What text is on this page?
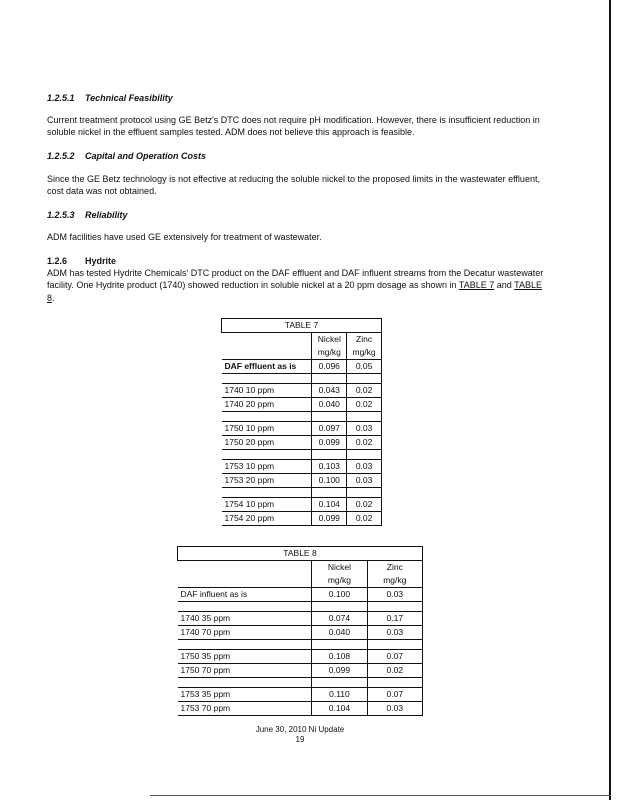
1.2.5.1 Technical Feasibility

Current treatment protocol using GE Betz's DTC does not require pH modification. However, there is insufficient reduction in soluble nickel in the effluent samples tested. ADM does not believe this approach is feasible.

1.2.5.2 Capital and Operation Costs

Since the GE Betz technology is not effective at reducing the soluble nickel to the proposed limits in the wastewater effluent, cost data was not obtained.

1.2.5.3 Reliability

ADM facilities have used GE extensively for treatment of wastewater.

1.2.6 Hydrite

ADM has tested Hydrite Chemicals' DTC product on the DAF effluent and DAF influent streams from the Decatur wastewater facility. One Hydrite product (1740) showed reduction in soluble nickel at a 20 ppm dosage as shown in TABLE 7 and TABLE 8.

TABLE 7		
	Nickel	Zinc
	mg/kg	mg/kg
DAF effluent as is	0.096	0.05

1740 10 ppm	0.043	0.02
1740 20 ppm	0.040	0.02

1750 10 ppm	0.097	0.03
1750 20 ppm	0.099	0.02

1753 10 ppm	0.103	0.03
1753 20 ppm	0.100	0.03

1754 10 ppm	0.104	0.02
1754 20 ppm	0.099	0.02
TABLE 8		
	Nickel	Zinc
	mg/kg	mg/kg
DAF influent as is	0.100	0.03

1740 35 ppm	0.074	0.17
1740 70 ppm	0.040	0.03

1750 35 ppm	0.108	0.07
1750 70 ppm	0.099	0.02

1753 35 ppm	0.110	0.07
1753 70 ppm	0.104	0.03
June 30, 2010 Ni Update
19
